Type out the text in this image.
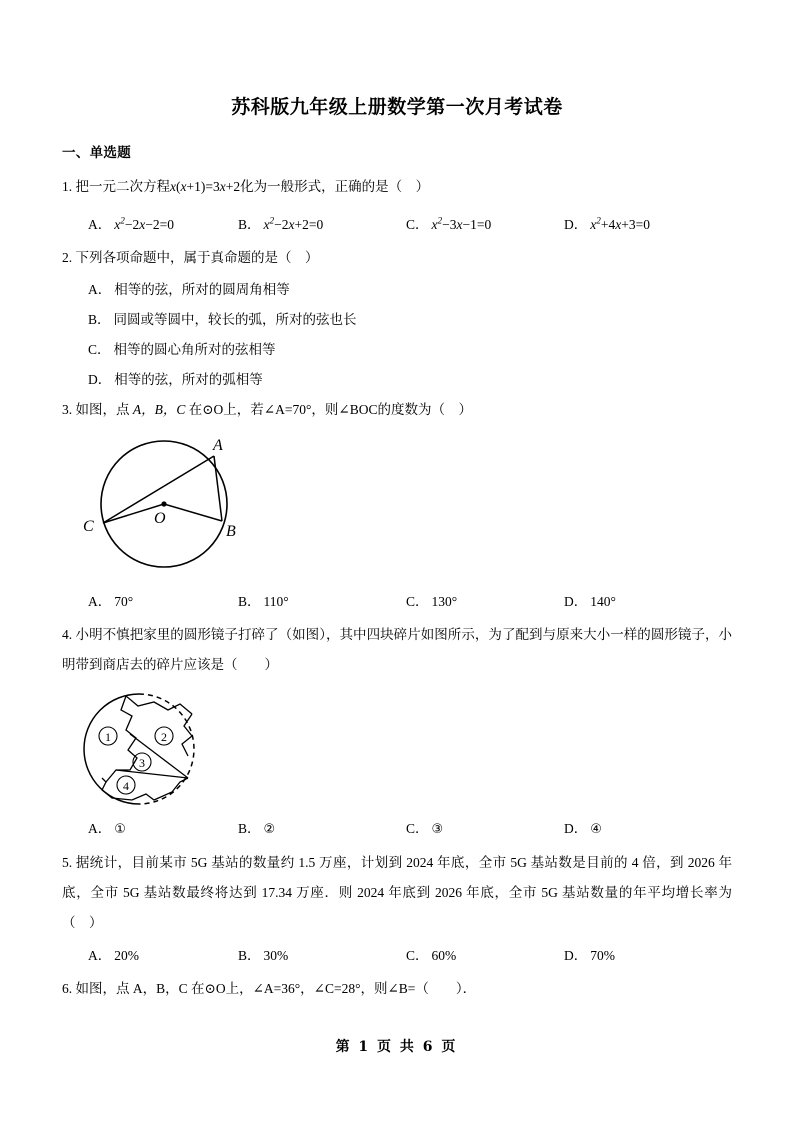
苏科版九年级上册数学第一次月考试卷
一、单选题
1. 把一元二次方程x(x+1)=3x+2化为一般形式，正确的是（　）
A． $x^2-2x-2=0$	B． $x^2-2x+2=0$	C． $x^2-3x-1=0$	D． $x^2+4x+3=0$
2. 下列各项命题中，属于真命题的是（　）
A． 相等的弦，所对的圆周角相等
B． 同圆或等圆中，较长的弧，所对的弦也长
C． 相等的圆心角所对的弦相等
D． 相等的弦，所对的弧相等
3. 如图，点 A，B，C 在⊙O上，若∠A=70°，则∠BOC的度数为（　）
A
B
C	O
A． 70°	B． 110°	C． 130°	D． 140°
4. 小明不慎把家里的圆形镜子打碎了（如图），其中四块碎片如图所示，为了配到与原来大小一样的圆形镜子，小明带到商店去的碎片应该是（　　）
1	2
3
4
A． ①	B． ②	C． ③	D． ④
5. 据统计，目前某市 5G 基站的数量约 1.5 万座，计划到 2024 年底，全市 5G 基站数是目前的 4 倍，到 2026 年底，全市 5G 基站数最终将达到 17.34 万座．则 2024 年底到 2026 年底，全市 5G 基站数量的年平均增长率为（　）
A． 20%	B． 30%	C． 60%	D． 70%
6. 如图，点 A，B，C 在⊙O上，∠A=36°，∠C=28°，则∠B=（　　）．
第 1 页 共 6 页
